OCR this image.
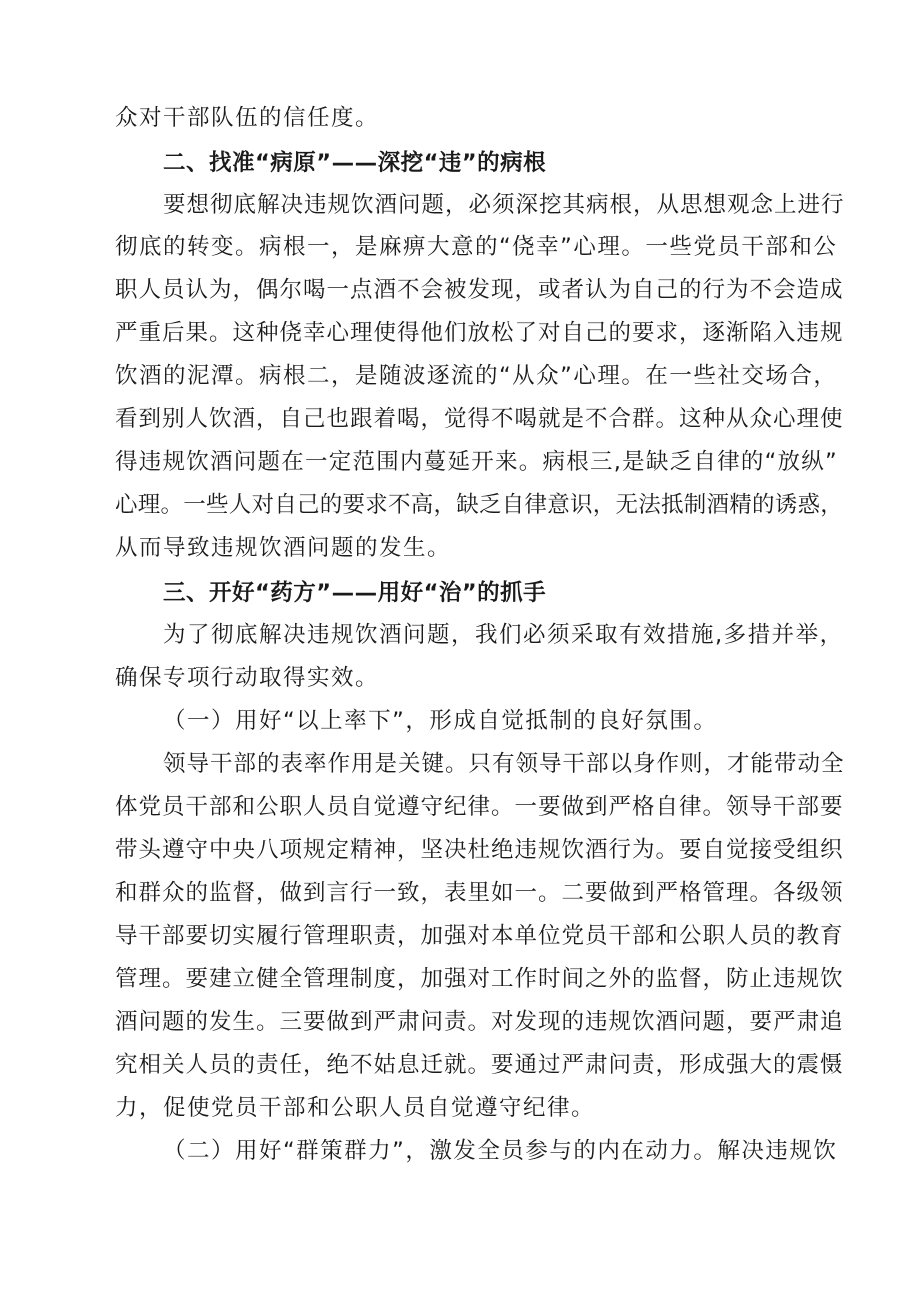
众对干部队伍的信任度。
二、找准“病原”——深挖“违”的病根
要想彻底解决违规饮酒问题，必须深挖其病根，从思想观念上进行
彻底的转变。病根一，是麻痹大意的“侥幸”心理。一些党员干部和公
职人员认为，偶尔喝一点酒不会被发现，或者认为自己的行为不会造成
严重后果。这种侥幸心理使得他们放松了对自己的要求，逐渐陷入违规
饮酒的泥潭。病根二，是随波逐流的“从众”心理。在一些社交场合，
看到别人饮酒，自己也跟着喝，觉得不喝就是不合群。这种从众心理使
得违规饮酒问题在一定范围内蔓延开来。病根三,是缺乏自律的“放纵”
心理。一些人对自己的要求不高，缺乏自律意识，无法抵制酒精的诱惑，
从而导致违规饮酒问题的发生。
三、开好“药方”——用好“治”的抓手
为了彻底解决违规饮酒问题，我们必须采取有效措施,多措并举，
确保专项行动取得实效。
（一）用好“以上率下”，形成自觉抵制的良好氛围。
领导干部的表率作用是关键。只有领导干部以身作则，才能带动全
体党员干部和公职人员自觉遵守纪律。一要做到严格自律。领导干部要
带头遵守中央八项规定精神，坚决杜绝违规饮酒行为。要自觉接受组织
和群众的监督，做到言行一致，表里如一。二要做到严格管理。各级领
导干部要切实履行管理职责，加强对本单位党员干部和公职人员的教育
管理。要建立健全管理制度，加强对工作时间之外的监督，防止违规饮
酒问题的发生。三要做到严肃问责。对发现的违规饮酒问题，要严肃追
究相关人员的责任，绝不姑息迁就。要通过严肃问责，形成强大的震慑
力，促使党员干部和公职人员自觉遵守纪律。
（二）用好“群策群力”，激发全员参与的内在动力。解决违规饮
